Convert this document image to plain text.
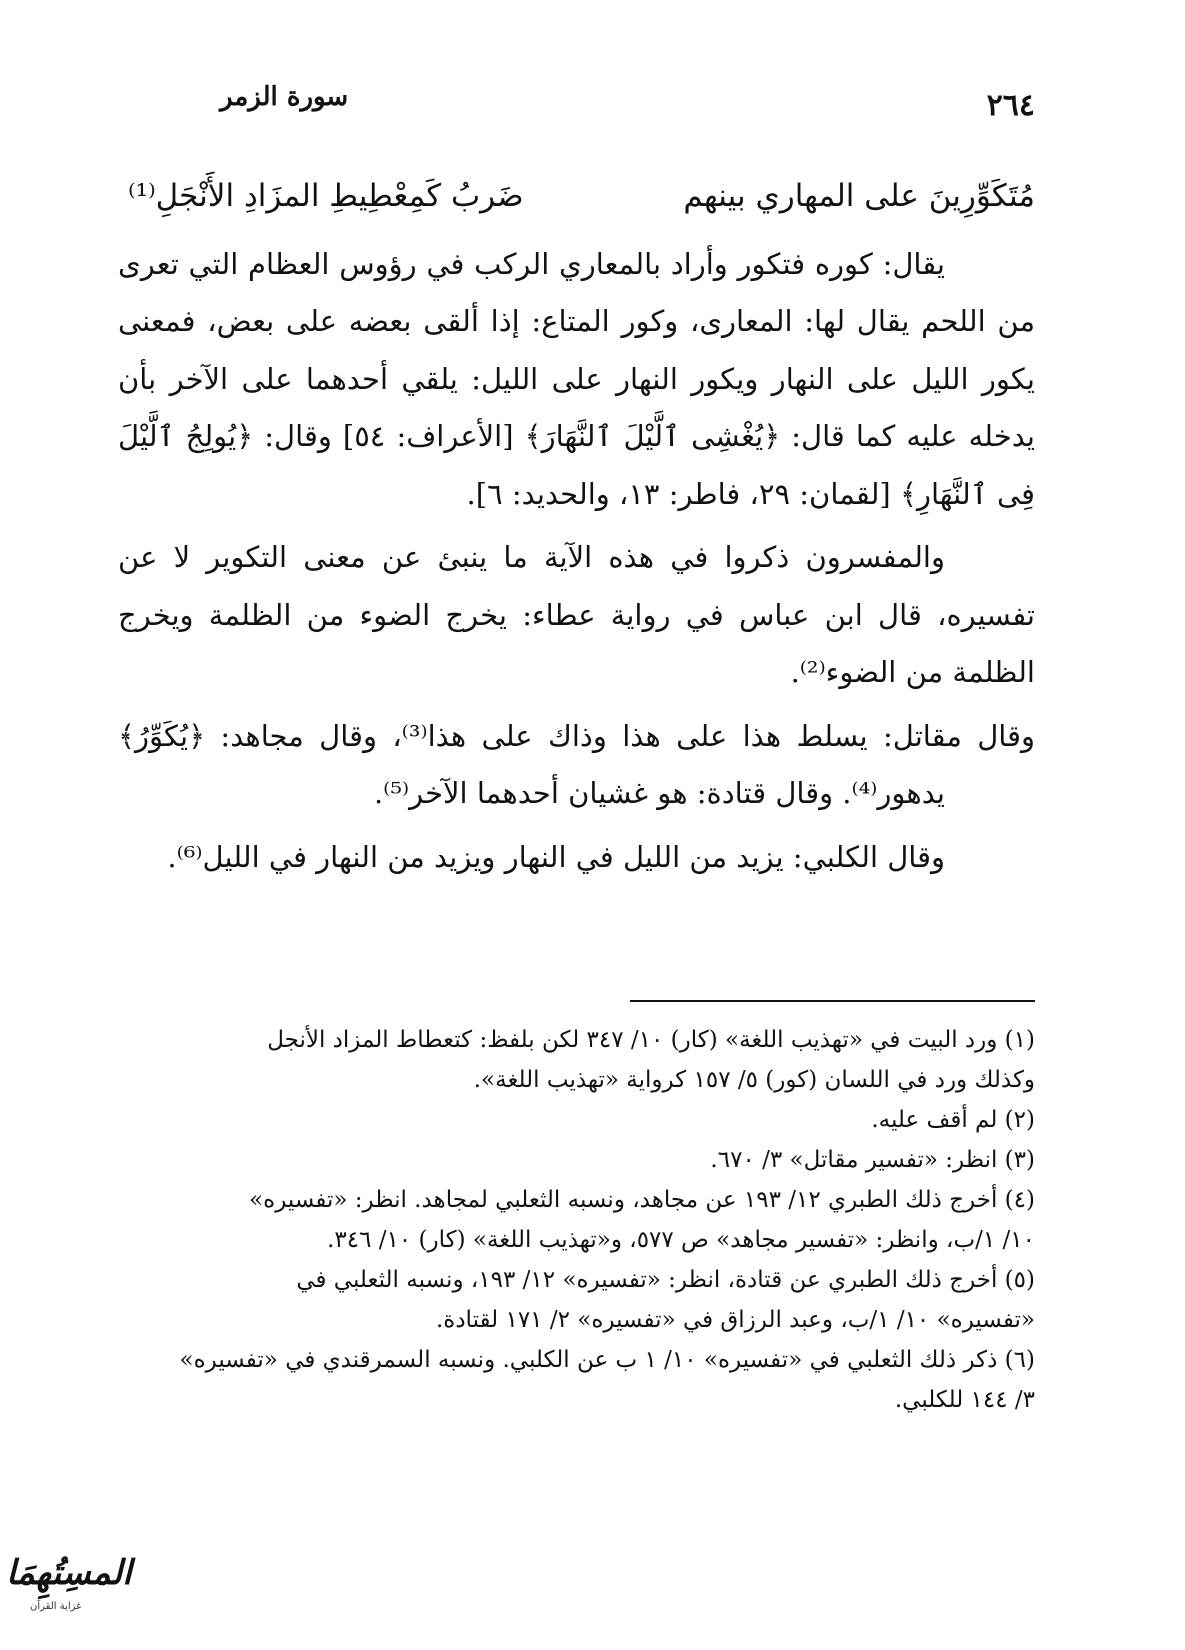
٢٦٤
سورة الزمر
مُتَكَوِّرِينَ على المهاري بينهم
ضَربُ كَمِعْطِيطِ المزَادِ الأَنْجَلِ⁽¹⁾

يقال: كوره فتكور وأراد بالمعاري الركب في رؤوس العظام التي تعرى من اللحم يقال لها: المعارى، وكور المتاع: إذا ألقى بعضه على بعض، فمعنى يكور الليل على النهار ويكور النهار على الليل: يلقي أحدهما على الآخر بأن يدخله عليه كما قال: ﴿يُغْشِى ٱلَّيْلَ ٱلنَّهَارَ﴾ [الأعراف: ٥٤] وقال: ﴿يُولِجُ ٱلَّيْلَ فِى ٱلنَّهَارِ﴾ [لقمان: ٢٩، فاطر: ١٣، والحديد: ٦].

والمفسرون ذكروا في هذه الآية ما ينبئ عن معنى التكوير لا عن تفسيره، قال ابن عباس في رواية عطاء: يخرج الضوء من الظلمة ويخرج الظلمة من الضوء⁽²⁾.

وقال مقاتل: يسلط هذا على هذا وذاك على هذا⁽³⁾، وقال مجاهد: ﴿يُكَوِّرُ﴾ يدهور⁽⁴⁾. وقال قتادة: هو غشيان أحدهما الآخر⁽⁵⁾.

وقال الكلبي: يزيد من الليل في النهار ويزيد من النهار في الليل⁽⁶⁾.

(١) ورد البيت في «تهذيب اللغة» (كار) ١٠/ ٣٤٧ لكن بلفظ: كتعطاط المزاد الأنجل
وكذلك ورد في اللسان (كور) ٥/ ١٥٧ كرواية «تهذيب اللغة».

(٢) لم أقف عليه.

(٣) انظر: «تفسير مقاتل» ٣/ ٦٧٠.

(٤) أخرج ذلك الطبري ١٢/ ١٩٣ عن مجاهد، ونسبه الثعلبي لمجاهد. انظر: «تفسيره»
١٠/ ١/ب، وانظر: «تفسير مجاهد» ص ٥٧٧، و«تهذيب اللغة» (كار) ١٠/ ٣٤٦.

(٥) أخرج ذلك الطبري عن قتادة، انظر: «تفسيره» ١٢/ ١٩٣، ونسبه الثعلبي في
«تفسيره» ١٠/ ١/ب، وعبد الرزاق في «تفسيره» ٢/ ١٧١ لقتادة.

(٦) ذكر ذلك الثعلبي في «تفسيره» ١٠/ ١ ب عن الكلبي. ونسبه السمرقندي في «تفسيره»
٣/ ١٤٤ للكلبي.

المسِتُهِمَا
غزاية القرآن
